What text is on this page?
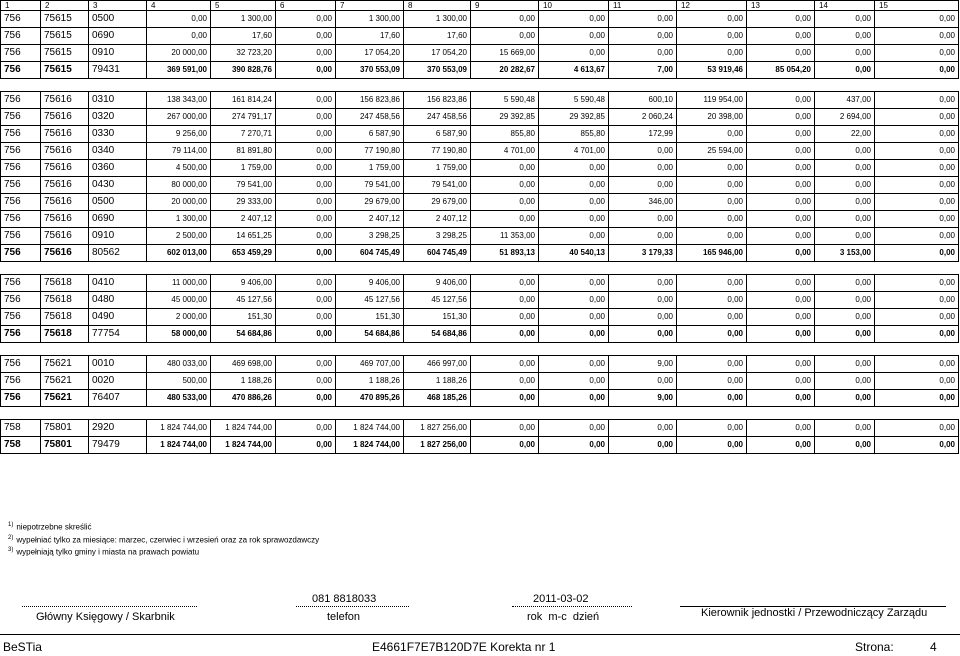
1	2	3	4	5	6	7	8	9	10	11	12	13	14	15
756	75615	0500	0,00	1 300,00	0,00	1 300,00	1 300,00	0,00	0,00	0,00	0,00	0,00	0,00	0,00
756	75615	0690	0,00	17,60	0,00	17,60	17,60	0,00	0,00	0,00	0,00	0,00	0,00	0,00
756	75615	0910	20 000,00	32 723,20	0,00	17 054,20	17 054,20	15 669,00	0,00	0,00	0,00	0,00	0,00	0,00
756	75615	79431	369 591,00	390 828,76	0,00	370 553,09	370 553,09	20 282,67	4 613,67	7,00	53 919,46	85 054,20	0,00	0,00

756	75616	0310	138 343,00	161 814,24	0,00	156 823,86	156 823,86	5 590,48	5 590,48	600,10	119 954,00	0,00	437,00	0,00
756	75616	0320	267 000,00	274 791,17	0,00	247 458,56	247 458,56	29 392,85	29 392,85	2 060,24	20 398,00	0,00	2 694,00	0,00
756	75616	0330	9 256,00	7 270,71	0,00	6 587,90	6 587,90	855,80	855,80	172,99	0,00	0,00	22,00	0,00
756	75616	0340	79 114,00	81 891,80	0,00	77 190,80	77 190,80	4 701,00	4 701,00	0,00	25 594,00	0,00	0,00	0,00
756	75616	0360	4 500,00	1 759,00	0,00	1 759,00	1 759,00	0,00	0,00	0,00	0,00	0,00	0,00	0,00
756	75616	0430	80 000,00	79 541,00	0,00	79 541,00	79 541,00	0,00	0,00	0,00	0,00	0,00	0,00	0,00
756	75616	0500	20 000,00	29 333,00	0,00	29 679,00	29 679,00	0,00	0,00	346,00	0,00	0,00	0,00	0,00
756	75616	0690	1 300,00	2 407,12	0,00	2 407,12	2 407,12	0,00	0,00	0,00	0,00	0,00	0,00	0,00
756	75616	0910	2 500,00	14 651,25	0,00	3 298,25	3 298,25	11 353,00	0,00	0,00	0,00	0,00	0,00	0,00
756	75616	80562	602 013,00	653 459,29	0,00	604 745,49	604 745,49	51 893,13	40 540,13	3 179,33	165 946,00	0,00	3 153,00	0,00

756	75618	0410	11 000,00	9 406,00	0,00	9 406,00	9 406,00	0,00	0,00	0,00	0,00	0,00	0,00	0,00
756	75618	0480	45 000,00	45 127,56	0,00	45 127,56	45 127,56	0,00	0,00	0,00	0,00	0,00	0,00	0,00
756	75618	0490	2 000,00	151,30	0,00	151,30	151,30	0,00	0,00	0,00	0,00	0,00	0,00	0,00
756	75618	77754	58 000,00	54 684,86	0,00	54 684,86	54 684,86	0,00	0,00	0,00	0,00	0,00	0,00	0,00

756	75621	0010	480 033,00	469 698,00	0,00	469 707,00	466 997,00	0,00	0,00	9,00	0,00	0,00	0,00	0,00
756	75621	0020	500,00	1 188,26	0,00	1 188,26	1 188,26	0,00	0,00	0,00	0,00	0,00	0,00	0,00
756	75621	76407	480 533,00	470 886,26	0,00	470 895,26	468 185,26	0,00	0,00	9,00	0,00	0,00	0,00	0,00

758	75801	2920	1 824 744,00	1 824 744,00	0,00	1 824 744,00	1 827 256,00	0,00	0,00	0,00	0,00	0,00	0,00	0,00
758	75801	79479	1 824 744,00	1 824 744,00	0,00	1 824 744,00	1 827 256,00	0,00	0,00	0,00	0,00	0,00	0,00	0,00
$^{1)}$ niepotrzebne skreślić
$^{2)}$ wypełniać tylko za miesiące: marzec, czerwiec i wrzesień oraz za rok sprawozdawczy
$^{3)}$ wypełniają tylko gminy i miasta na prawach powiatu
081 8818033	2011-03-02
Główny Księgowy / Skarbnik	telefon	rok  m-c  dzień	Kierownik jednostki / Przewodniczący Zarządu
BeSTia	E4661F7E7B120D7E Korekta nr 1	Strona:	4
